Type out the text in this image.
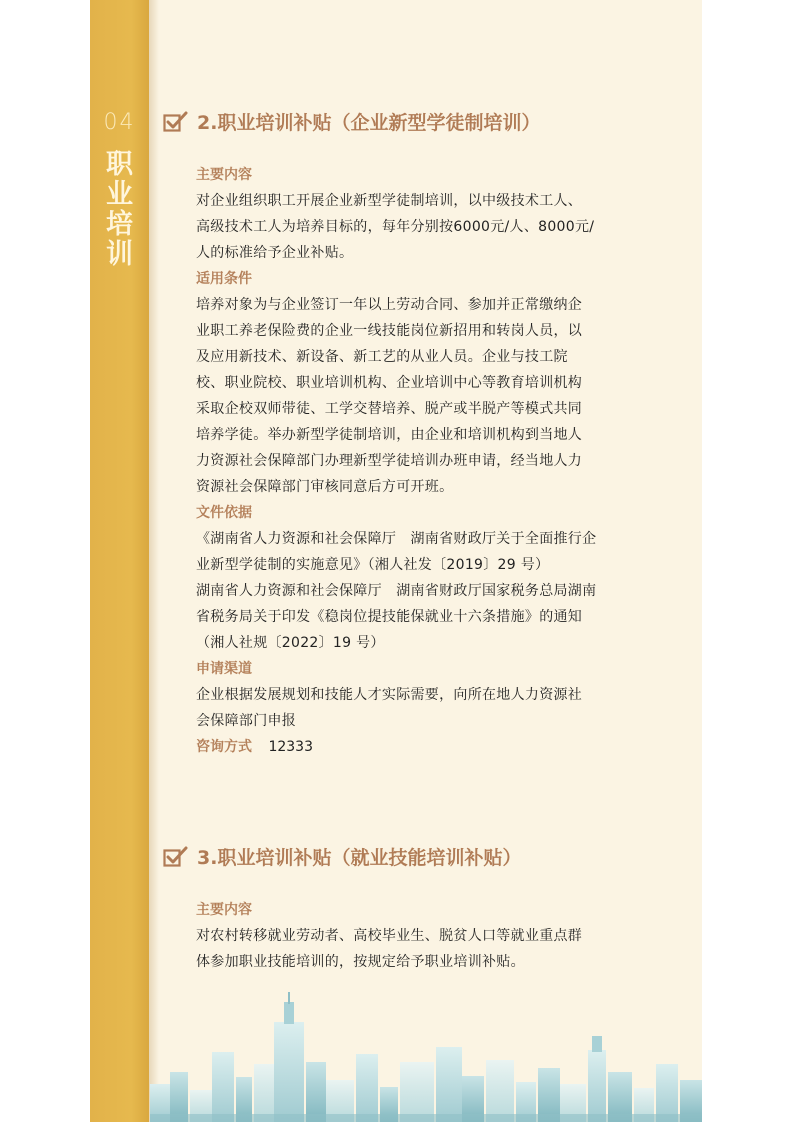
04
职
业
培
训
2.职业培训补贴（企业新型学徒制培训）
主要内容
对企业组织职工开展企业新型学徒制培训，以中级技术工人、
高级技术工人为培养目标的，每年分别按6000元/人、8000元/
人的标准给予企业补贴。
适用条件
培养对象为与企业签订一年以上劳动合同、参加并正常缴纳企
业职工养老保险费的企业一线技能岗位新招用和转岗人员，以
及应用新技术、新设备、新工艺的从业人员。企业与技工院
校、职业院校、职业培训机构、企业培训中心等教育培训机构
采取企校双师带徒、工学交替培养、脱产或半脱产等模式共同
培养学徒。举办新型学徒制培训，由企业和培训机构到当地人
力资源社会保障部门办理新型学徒培训办班申请，经当地人力
资源社会保障部门审核同意后方可开班。
文件依据
《湖南省人力资源和社会保障厅　湖南省财政厅关于全面推行企
业新型学徒制的实施意见》（湘人社发〔2019〕29 号）
湖南省人力资源和社会保障厅　湖南省财政厅国家税务总局湖南
省税务局关于印发《稳岗位提技能保就业十六条措施》的通知
（湘人社规〔2022〕19 号）
申请渠道
企业根据发展规划和技能人才实际需要，向所在地人力资源社
会保障部门申报
咨询方式 12333
3.职业培训补贴（就业技能培训补贴）
主要内容
对农村转移就业劳动者、高校毕业生、脱贫人口等就业重点群
体参加职业技能培训的，按规定给予职业培训补贴。
